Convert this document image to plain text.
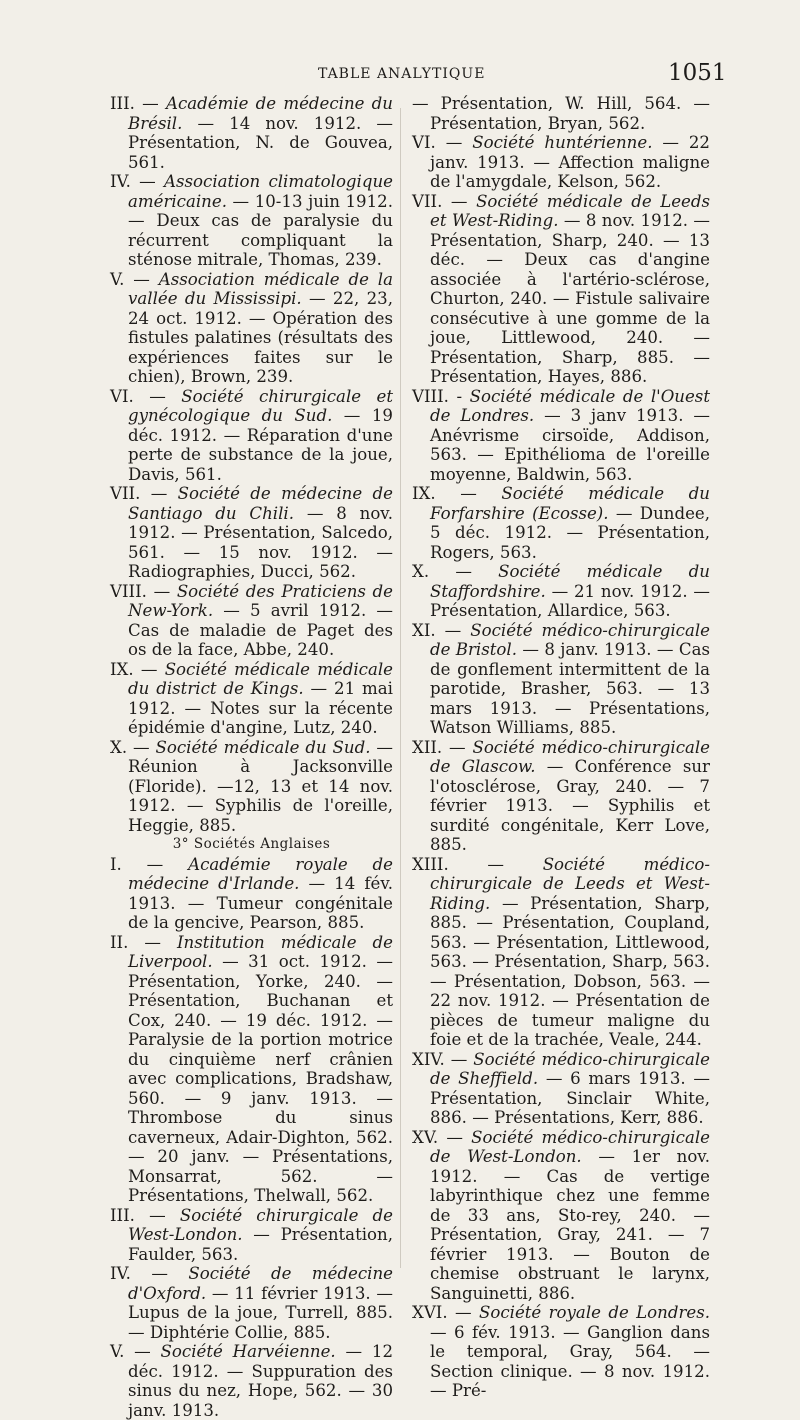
TABLE ANALYTIQUE	1051
III. — Académie de médecine du Brésil. — 14 nov. 1912. — Présentation, N. de Gouvea, 561.
IV. — Association climatologique américaine. — 10-13 juin 1912. — Deux cas de paralysie du récurrent compliquant la sténose mitrale, Thomas, 239.
V. — Association médicale de la vallée du Mississipi. — 22, 23, 24 oct. 1912. — Opération des fistules palatines (résultats des expériences faites sur le chien), Brown, 239.
VI. — Société chirurgicale et gynécologique du Sud. — 19 déc. 1912. — Réparation d'une perte de substance de la joue, Davis, 561.
VII. — Société de médecine de Santiago du Chili. — 8 nov. 1912. — Présentation, Salcedo, 561. — 15 nov. 1912. — Radiographies, Ducci, 562.
VIII. — Société des Praticiens de New-York. — 5 avril 1912. — Cas de maladie de Paget des os de la face, Abbe, 240.
IX. — Société médicale médicale du district de Kings. — 21 mai 1912. — Notes sur la récente épidémie d'angine, Lutz, 240.
X. — Société médicale du Sud. — Réunion à Jacksonville (Floride). —12, 13 et 14 nov. 1912. — Syphilis de l'oreille, Heggie, 885.
3° Sociétés Anglaises
I. — Académie royale de médecine d'Irlande. — 14 fév. 1913. — Tumeur congénitale de la gencive, Pearson, 885.
II. — Institution médicale de Liverpool. — 31 oct. 1912. — Présentation, Yorke, 240. — Présentation, Buchanan et Cox, 240. — 19 déc. 1912. — Paralysie de la portion motrice du cinquième nerf crânien avec complications, Bradshaw, 560. — 9 janv. 1913. — Thrombose du sinus caverneux, Adair-Dighton, 562. — 20 janv. — Présentations, Monsarrat, 562. — Présentations, Thelwall, 562.
III. — Société chirurgicale de West-London. — Présentation, Faulder, 563.
IV. — Société de médecine d'Oxford. — 11 février 1913. — Lupus de la joue, Turrell, 885. — Diphtérie Collie, 885.
V. — Société Harvéienne. — 12 déc. 1912. — Suppuration des sinus du nez, Hope, 562. — 30 janv. 1913.
— Présentation, W. Hill, 564. — Présentation, Bryan, 562.
VI. — Société huntérienne. — 22 janv. 1913. — Affection maligne de l'amygdale, Kelson, 562.
VII. — Société médicale de Leeds et West-Riding. — 8 nov. 1912. — Présentation, Sharp, 240. — 13 déc. — Deux cas d'angine associée à l'artério-sclérose, Churton, 240. — Fistule salivaire consécutive à une gomme de la joue, Littlewood, 240. — Présentation, Sharp, 885. — Présentation, Hayes, 886.
VIII. - Société médicale de l'Ouest de Londres. — 3 janv 1913. — Anévrisme cirsoïde, Addison, 563. — Epithélioma de l'oreille moyenne, Baldwin, 563.
IX. — Société médicale du Forfarshire (Ecosse). — Dundee, 5 déc. 1912. — Présentation, Rogers, 563.
X. — Société médicale du Staffordshire. — 21 nov. 1912. — Présentation, Allardice, 563.
XI. — Société médico-chirurgicale de Bristol. — 8 janv. 1913. — Cas de gonflement intermittent de la parotide, Brasher, 563. — 13 mars 1913. — Présentations, Watson Williams, 885.
XII. — Société médico-chirurgicale de Glascow. — Conférence sur l'otosclérose, Gray, 240. — 7 février 1913. — Syphilis et surdité congénitale, Kerr Love, 885.
XIII. — Société médico-chirurgicale de Leeds et West-Riding. — Présentation, Sharp, 885. — Présentation, Coupland, 563. — Présentation, Littlewood, 563. — Présentation, Sharp, 563. — Présentation, Dobson, 563. — 22 nov. 1912. — Présentation de pièces de tumeur maligne du foie et de la trachée, Veale, 244.
XIV. — Société médico-chirurgicale de Sheffield. — 6 mars 1913. — Présentation, Sinclair White, 886. — Présentations, Kerr, 886.
XV. — Société médico-chirurgicale de West-London. — 1er nov. 1912. — Cas de vertige labyrinthique chez une femme de 33 ans, Sto-rey, 240. — Présentation, Gray, 241. — 7 février 1913. — Bouton de chemise obstruant le larynx, Sanguinetti, 886.
XVI. — Société royale de Londres. — 6 fév. 1913. — Ganglion dans le temporal, Gray, 564. — Section clinique. — 8 nov. 1912. — Pré-
